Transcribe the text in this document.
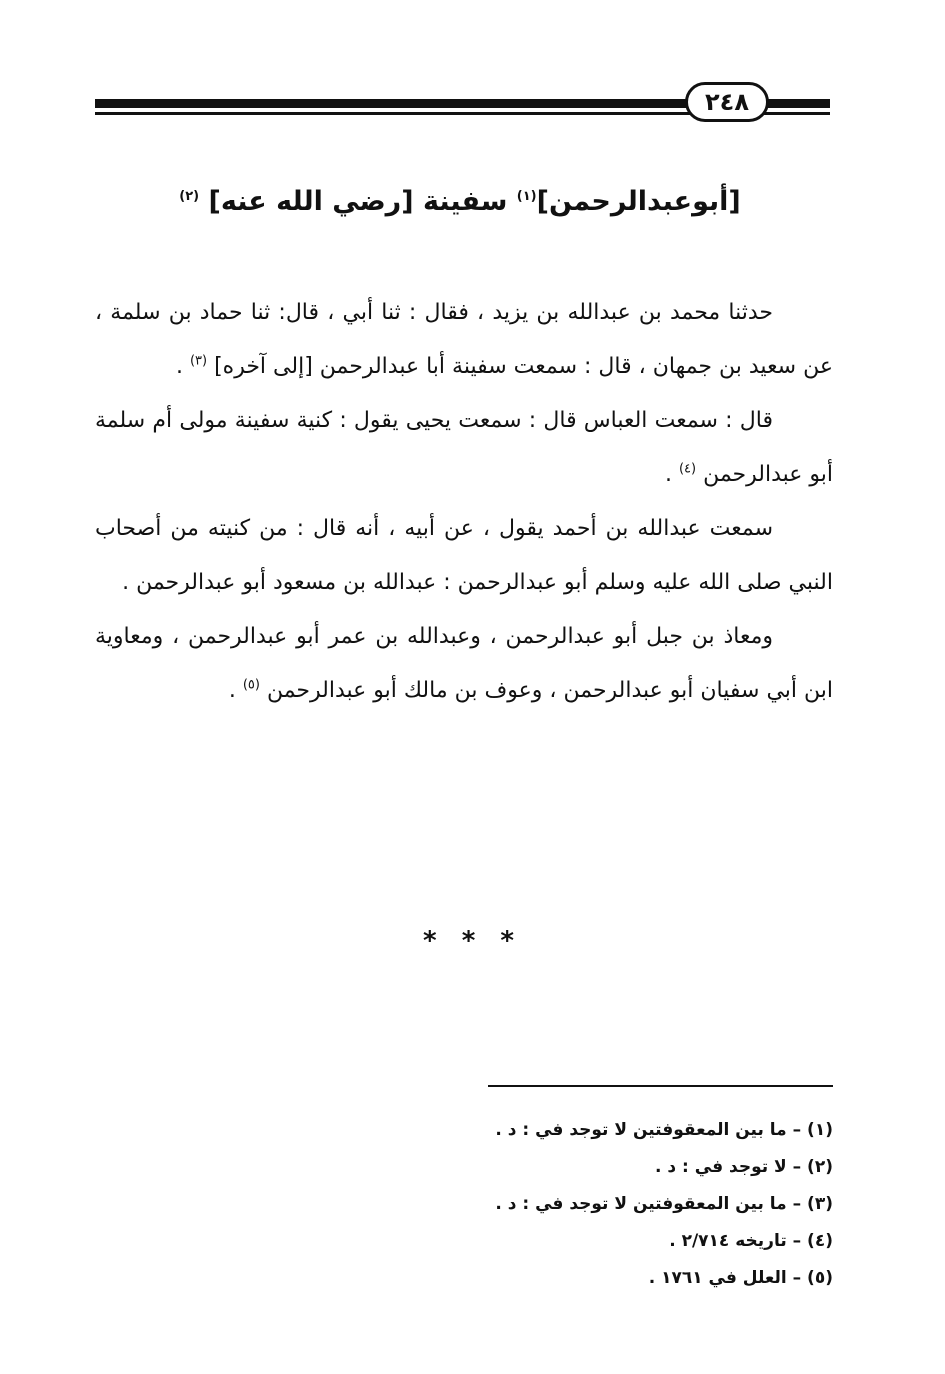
٢٤٨
[أبوعبدالرحمن]$^{(١)}$ سفينة [رضي الله عنه] $^{(٢)}$

حدثنا محمد بن عبدالله بن يزيد ، فقال : ثنا أبي ، قال: ثنا حماد بن سلمة ، عن سعيد بن جمهان ، قال : سمعت سفينة أبا عبدالرحمن [إلى آخره] $^{(٣)}$ .

قال : سمعت العباس قال : سمعت يحيى يقول : كنية سفينة مولى أم سلمة أبو عبدالرحمن $^{(٤)}$ .

سمعت عبدالله بن أحمد يقول ، عن أبيه ، أنه قال : من كنيته من أصحاب النبي صلى الله عليه وسلم أبو عبدالرحمن : عبدالله بن مسعود أبو عبدالرحمن .

ومعاذ بن جبل أبو عبدالرحمن ، وعبدالله بن عمر أبو عبدالرحمن ، ومعاوية ابن أبي سفيان أبو عبدالرحمن ، وعوف بن مالك أبو عبدالرحمن $^{(٥)}$ .

* * *
(١) – ما بين المعقوفتين لا توجد في : د .
(٢) – لا توجد في : د .
(٣) – ما بين المعقوفتين لا توجد في : د .
(٤) – تاريخه ٢/٧١٤ .
(٥) – العلل في ١٧٦١ .
